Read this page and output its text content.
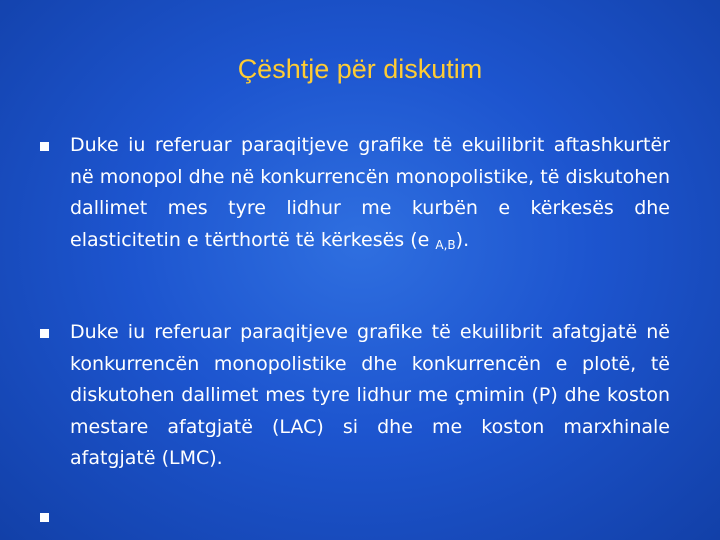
Çështje për diskutim
Duke iu referuar paraqitjeve grafike të ekuilibrit aftashkurtër në monopol dhe në konkurrencën monopolistike, të diskutohen dallimet mes tyre lidhur me kurbën e kërkesës dhe elasticitetin e tërthortë të kërkesës (e $_{A,B}$).
Duke iu referuar paraqitjeve grafike të ekuilibrit afatgjatë në konkurrencën monopolistike dhe konkurrencën e plotë, të diskutohen dallimet mes tyre lidhur me çmimin (P) dhe koston mestare afatgjatë (LAC) si dhe me koston marxhinale afatgjatë (LMC).
